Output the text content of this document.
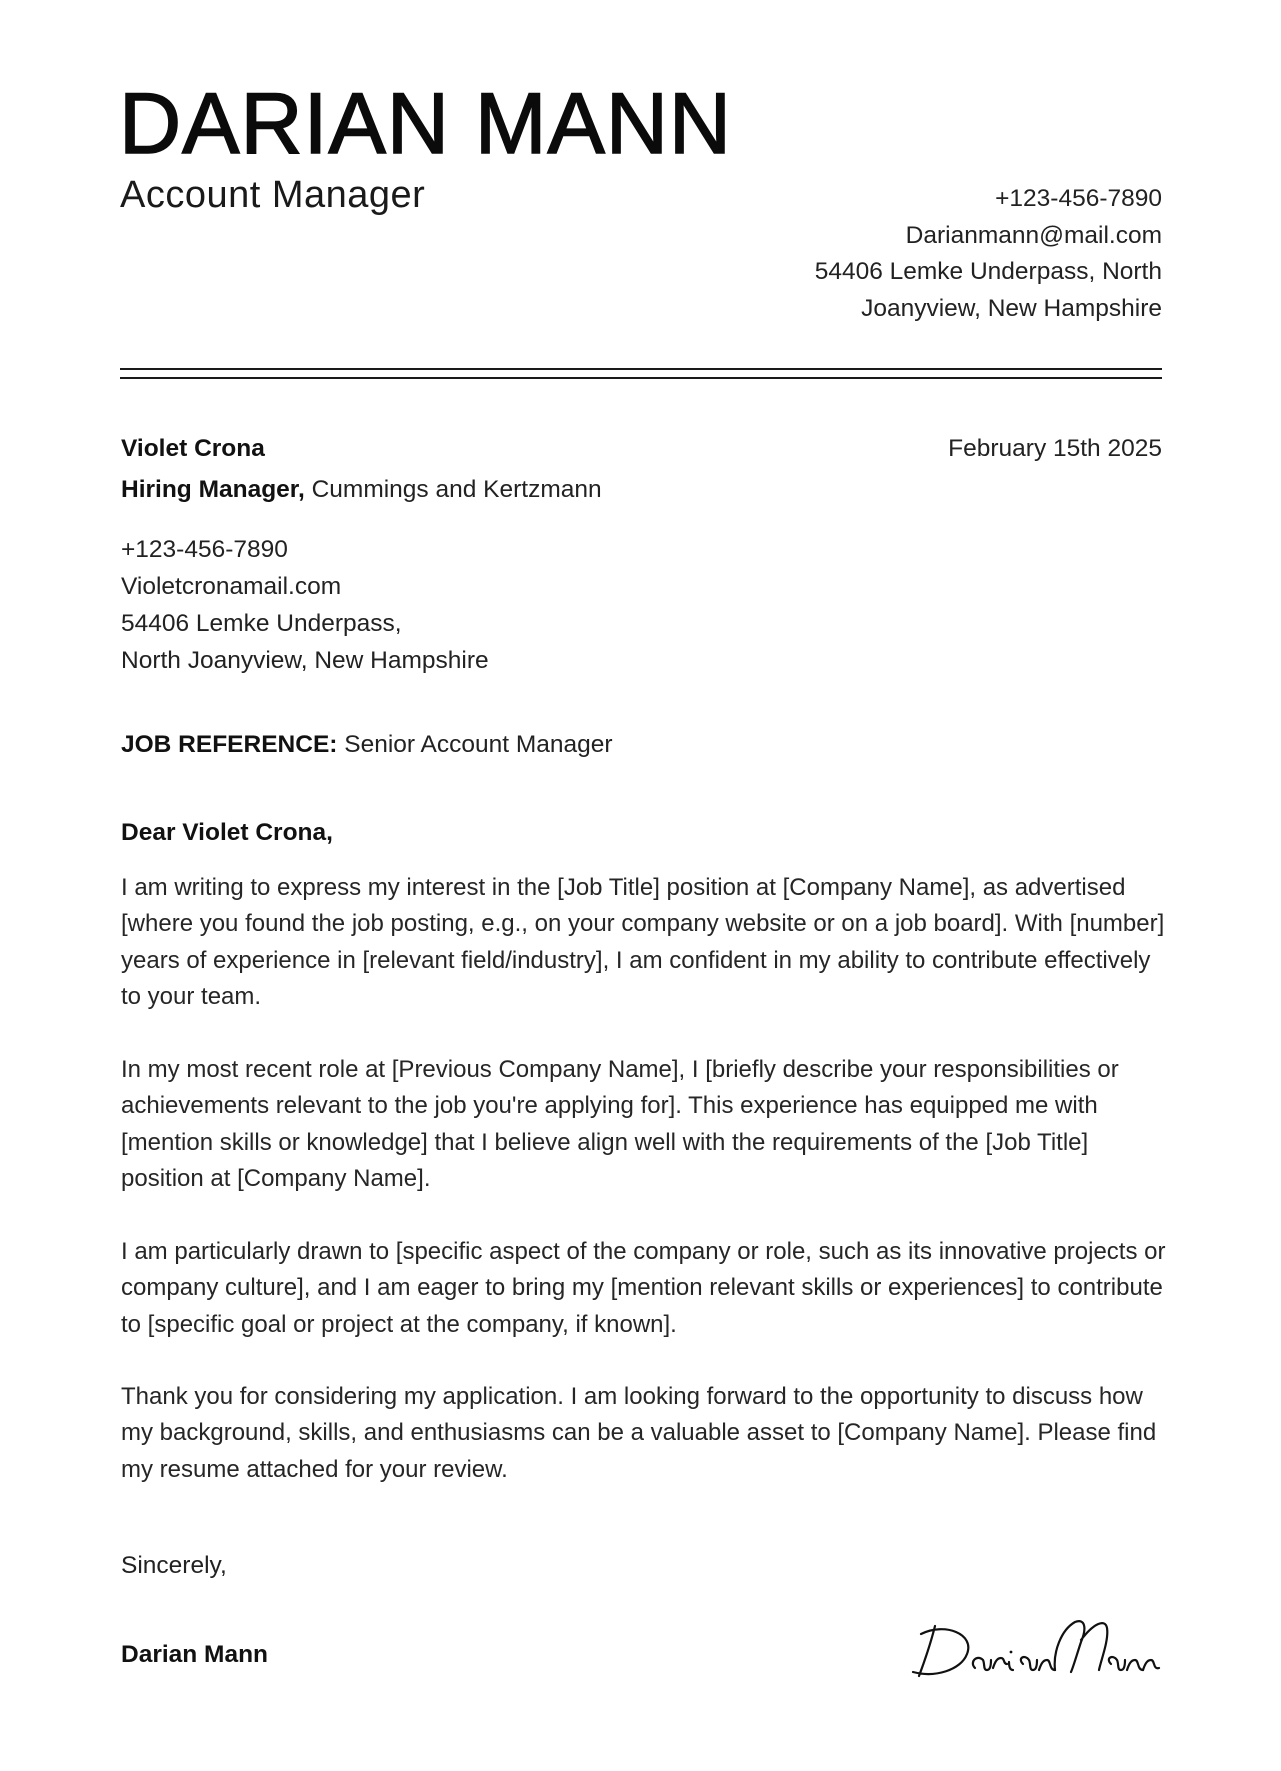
DARIAN MANN
Account Manager	+123-456-7890
Darianmann@mail.com
54406 Lemke Underpass, North
Joanyview, New Hampshire
Violet Crona
Hiring Manager, Cummings and Kertzmann
February 15th 2025
+123-456-7890
Violetcronamail.com
54406 Lemke Underpass,
North Joanyview, New Hampshire
JOB REFERENCE: Senior Account Manager
Dear Violet Crona,

I am writing to express my interest in the [Job Title] position at [Company Name], as advertised [where you found the job posting, e.g., on your company website or on a job board]. With [number] years of experience in [relevant field/industry], I am confident in my ability to contribute effectively to your team.

In my most recent role at [Previous Company Name], I [briefly describe your responsibilities or achievements relevant to the job you're applying for]. This experience has equipped me with [mention skills or knowledge] that I believe align well with the requirements of the [Job Title] position at [Company Name].

I am particularly drawn to [specific aspect of the company or role, such as its innovative projects or company culture], and I am eager to bring my [mention relevant skills or experiences] to contribute to [specific goal or project at the company, if known].

Thank you for considering my application. I am looking forward to the opportunity to discuss how my background, skills, and enthusiasms can be a valuable asset to [Company Name]. Please find my resume attached for your review.

Sincerely,
Darian Mann
